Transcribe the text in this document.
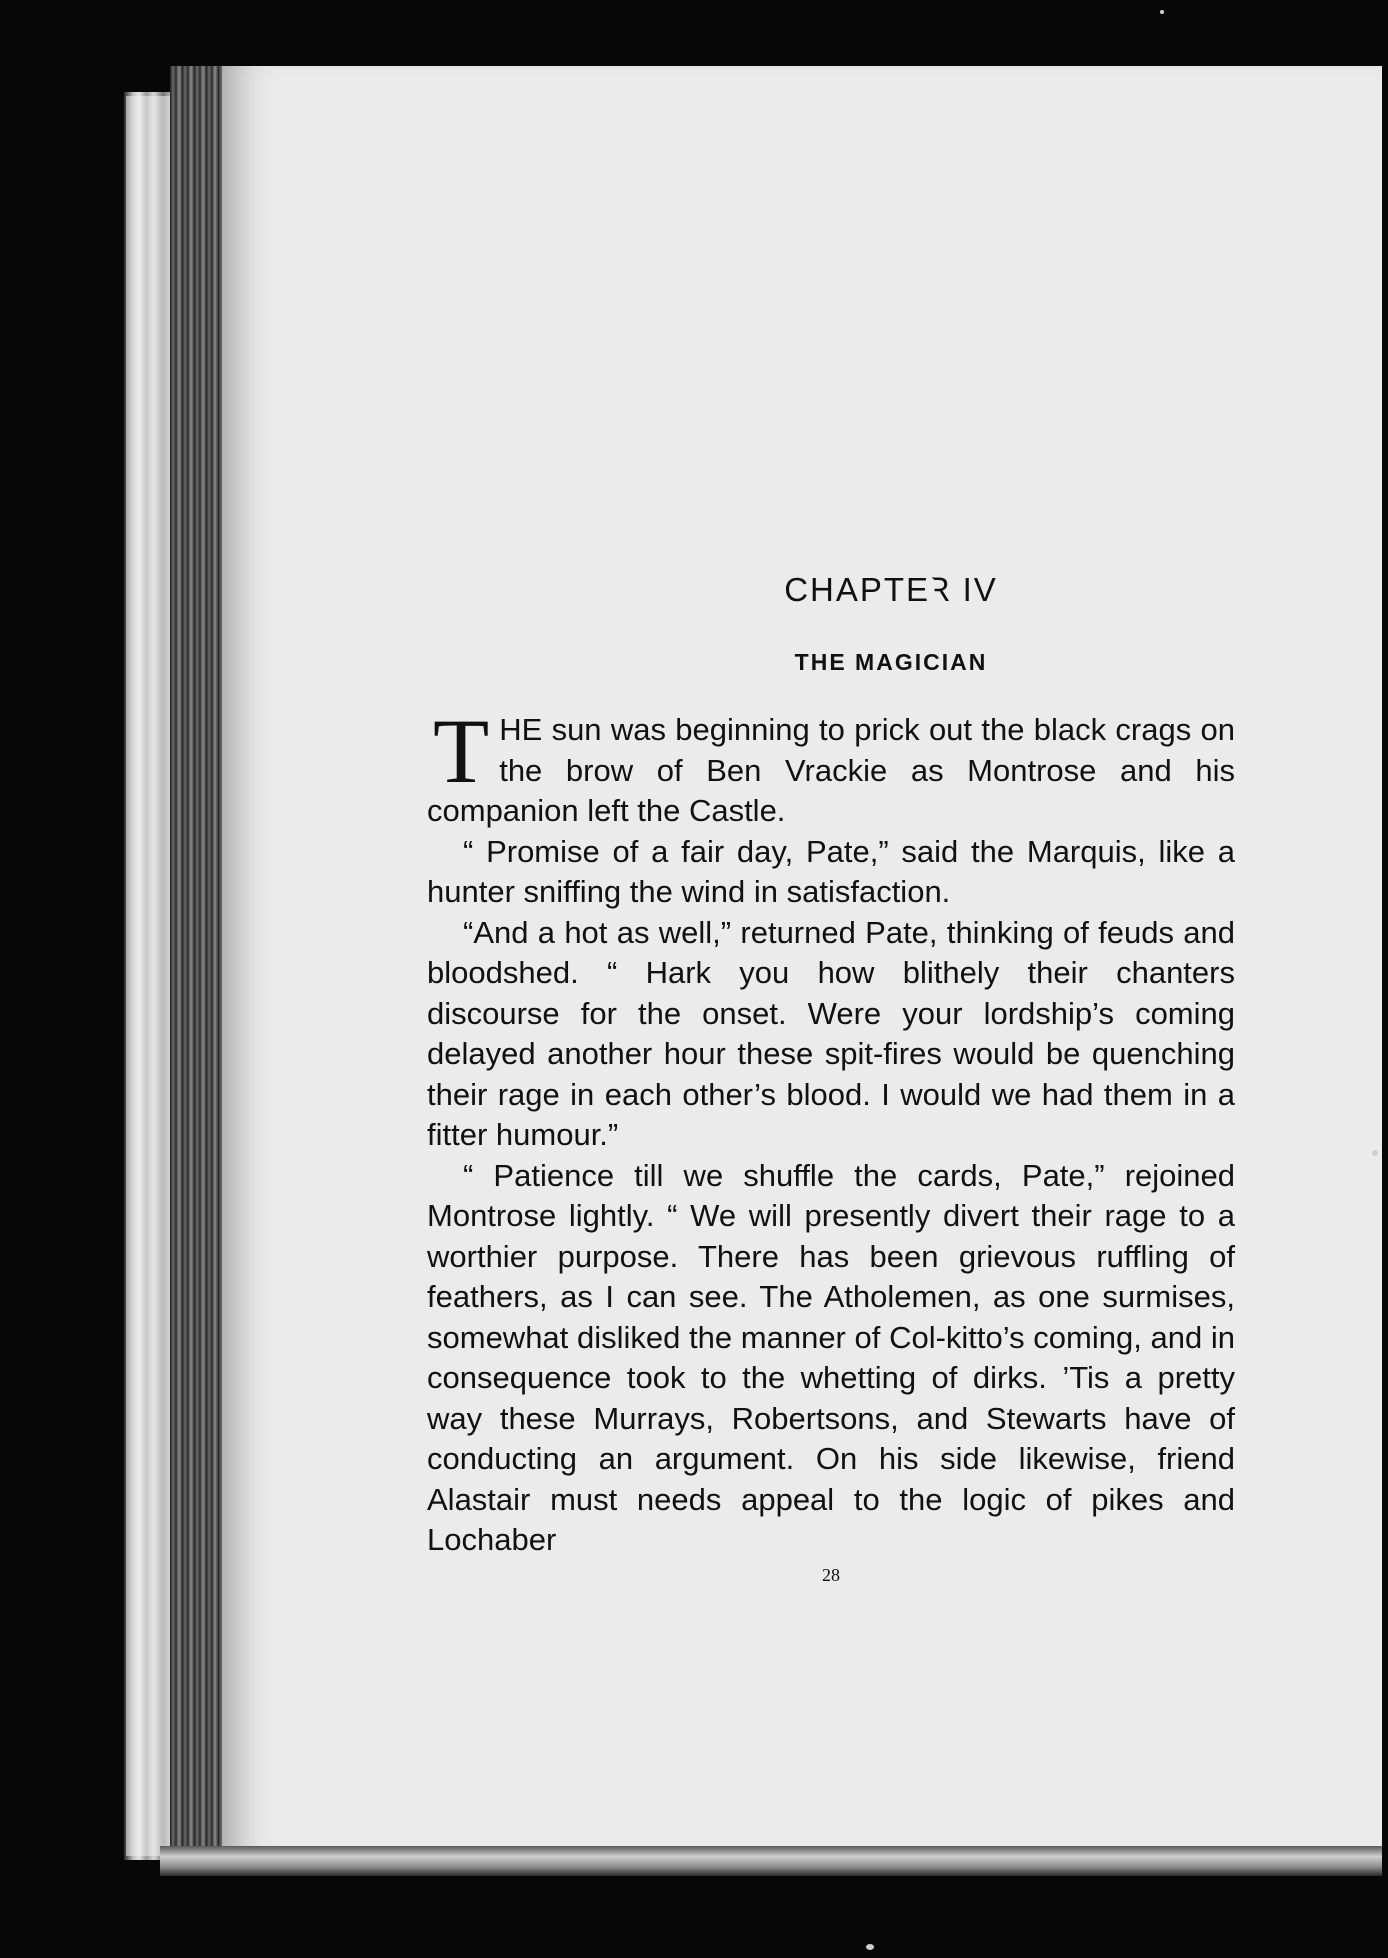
CHAPTEꝚ IV
THE MAGICIAN

THE sun was beginning to prick out the black crags on the brow of Ben Vrackie as Montrose and his companion left the Castle.

“ Promise of a fair day, Pate,” said the Marquis, like a hunter sniffing the wind in satisfaction.

“And a hot as well,” returned Pate, thinking of feuds and bloodshed. “ Hark you how blithely their chanters discourse for the onset. Were your lordship’s coming delayed another hour these spit-fires would be quenching their rage in each other’s blood. I would we had them in a fitter humour.”

“ Patience till we shuffle the cards, Pate,” rejoined Montrose lightly. “ We will presently divert their rage to a worthier purpose. There has been grievous ruffling of feathers, as I can see. The Atholemen, as one surmises, somewhat disliked the manner of Col-kitto’s coming, and in consequence took to the whetting of dirks. ’Tis a pretty way these Murrays, Robertsons, and Stewarts have of conducting an argument. On his side likewise, friend Alastair must needs appeal to the logic of pikes and Lochaber

28
